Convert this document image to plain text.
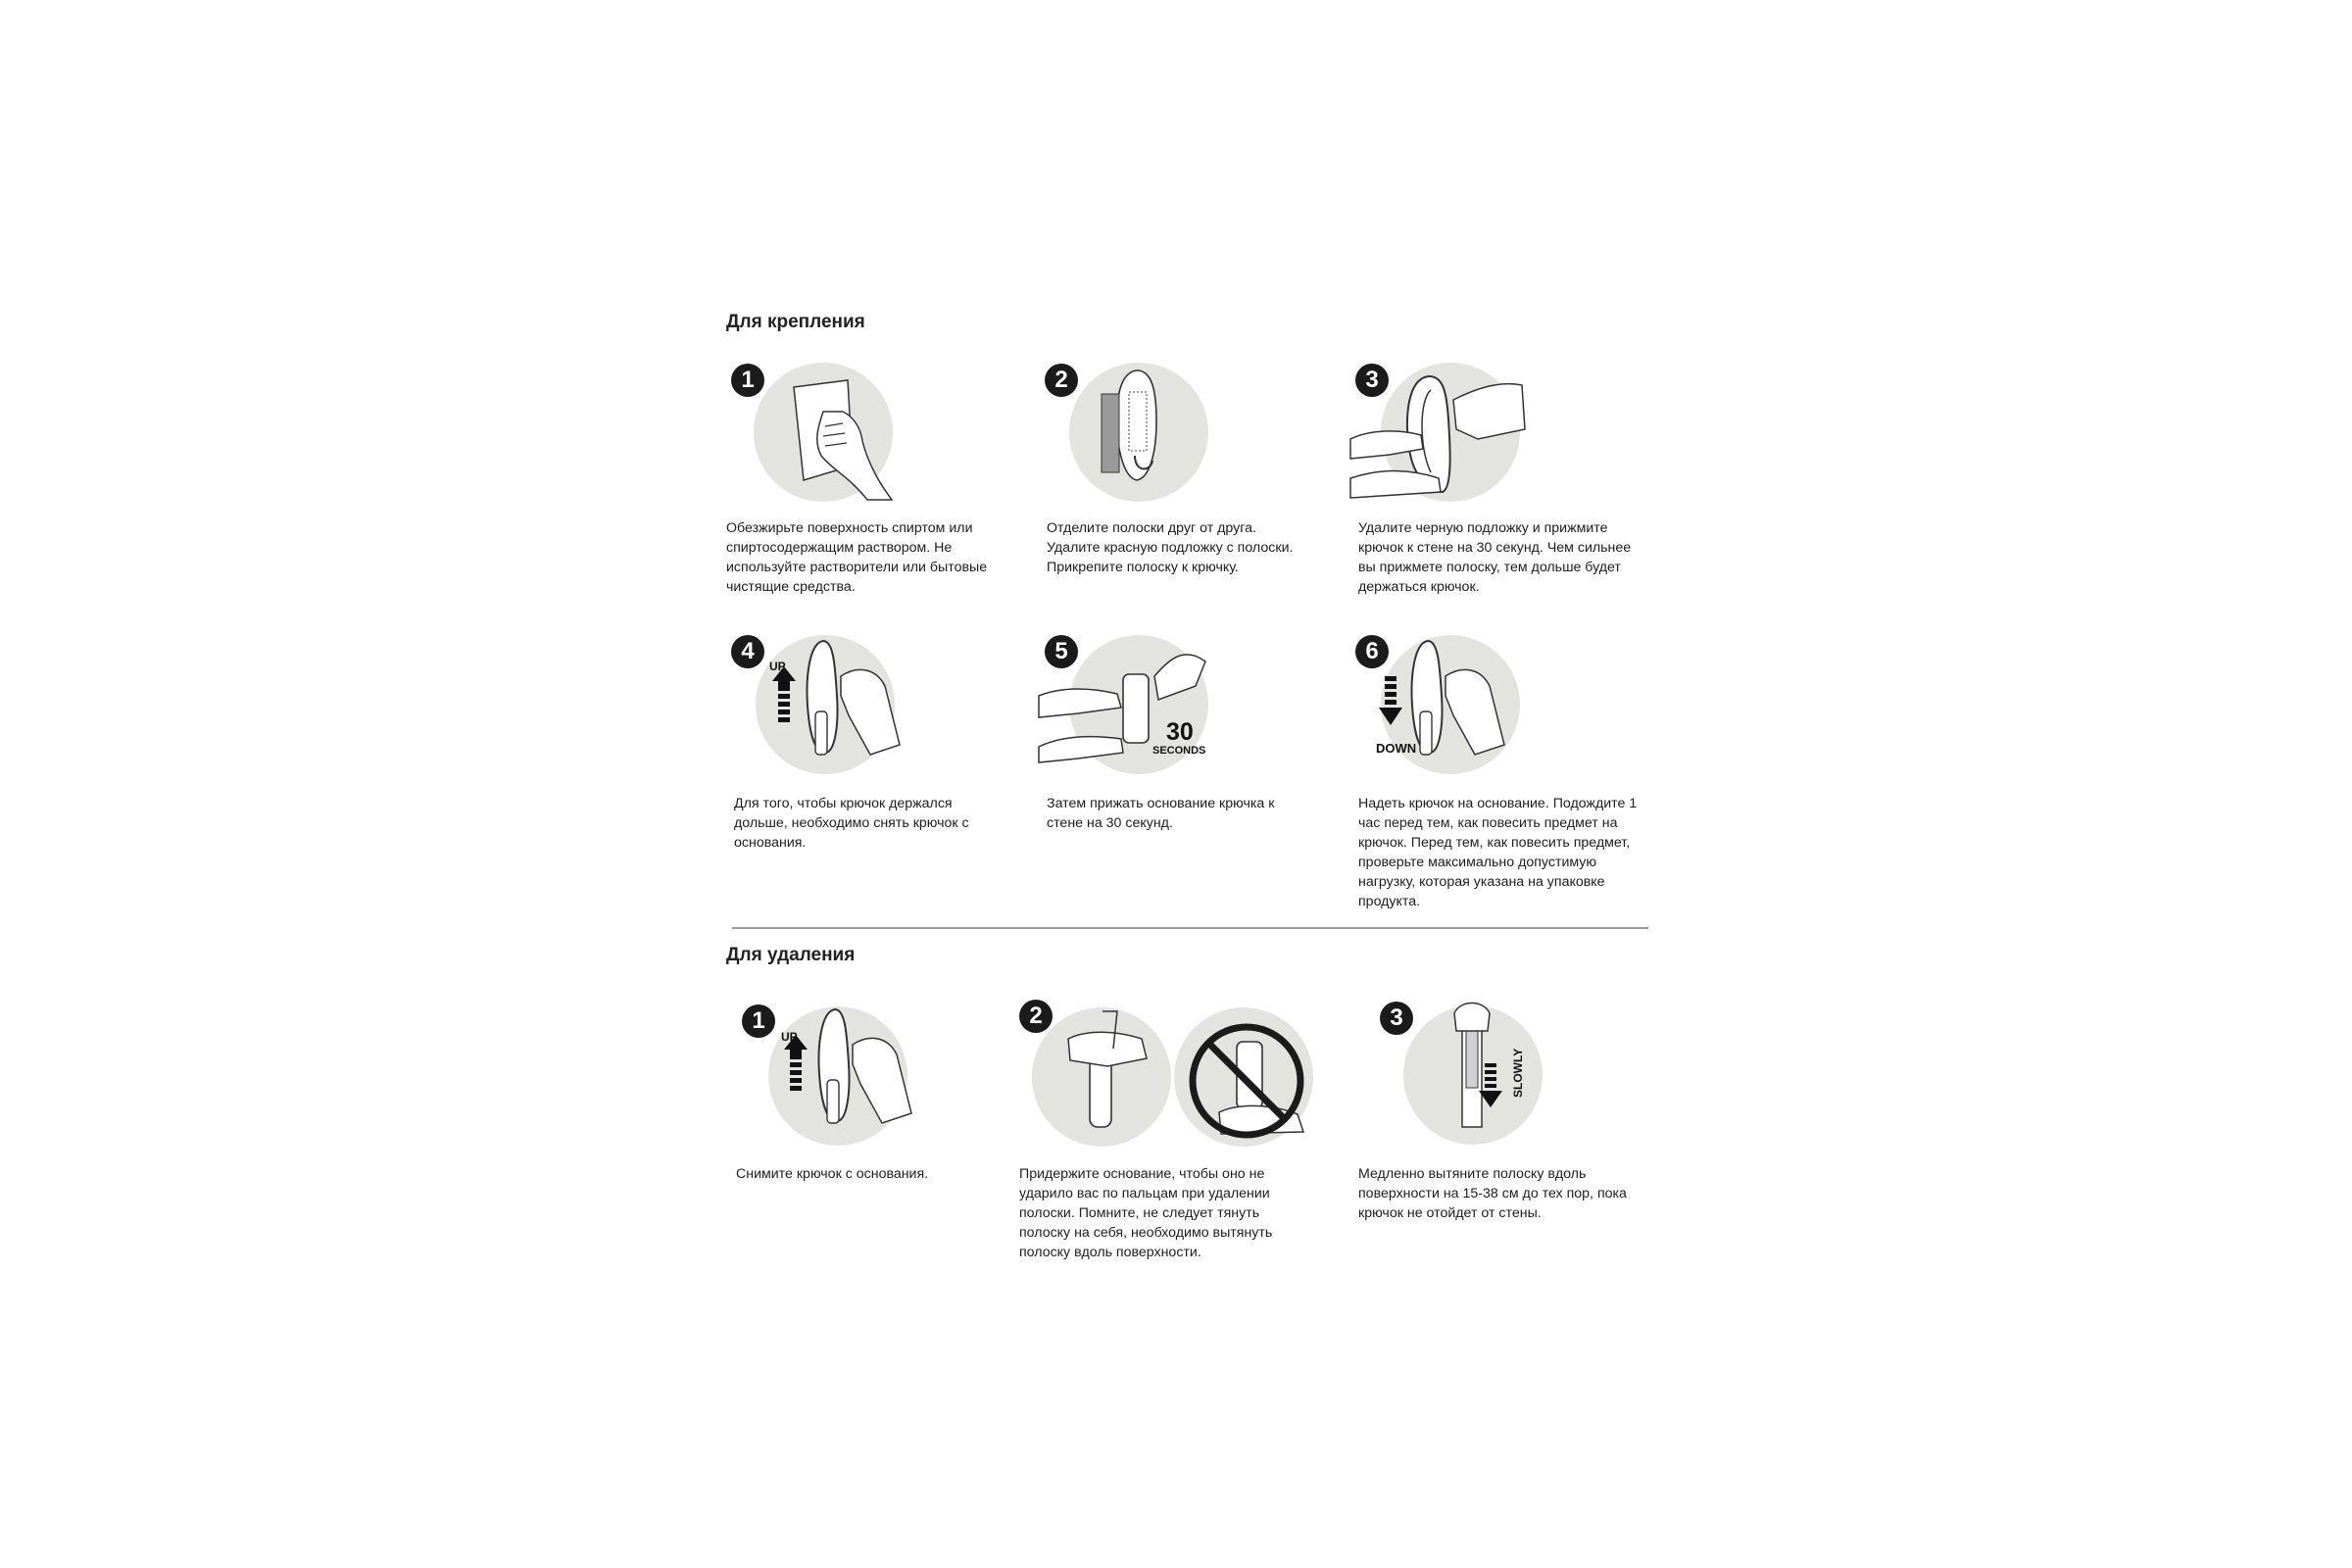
Для крепления
1

Обезжирьте поверхность спиртом или спиртосодержащим раствором. Не используйте растворители или бытовые чистящие средства.

2

Отделите полоски друг от друга. Удалите красную подложку с полоски. Прикрепите полоску к крючку.

3

Удалите черную подложку и прижмите крючок к стене на 30 секунд. Чем сильнее вы прижмете полоску, тем дольше будет держаться крючок.

4
UP

Для того, чтобы крючок держался дольше, необходимо снять крючок с основания.

5
30
SECONDS

Затем прижать основание крючка к стене на 30 секунд.

6
DOWN

Надеть крючок на основание. Подождите 1 час перед тем, как повесить предмет на крючок. Перед тем, как повесить предмет, проверьте максимально допустимую нагрузку, которая указана на упаковке продукта.

Для удаления
1
UP

Снимите крючок с основания.

2

Придержите основание, чтобы оно не ударило вас по пальцам при удалении полоски. Помните, не следует тянуть полоску на себя, необходимо вытянуть полоску вдоль поверхности.

3
SLOWLY

Медленно вытяните полоску вдоль поверхности на 15-38 см до тех пор, пока крючок не отойдет от стены.
